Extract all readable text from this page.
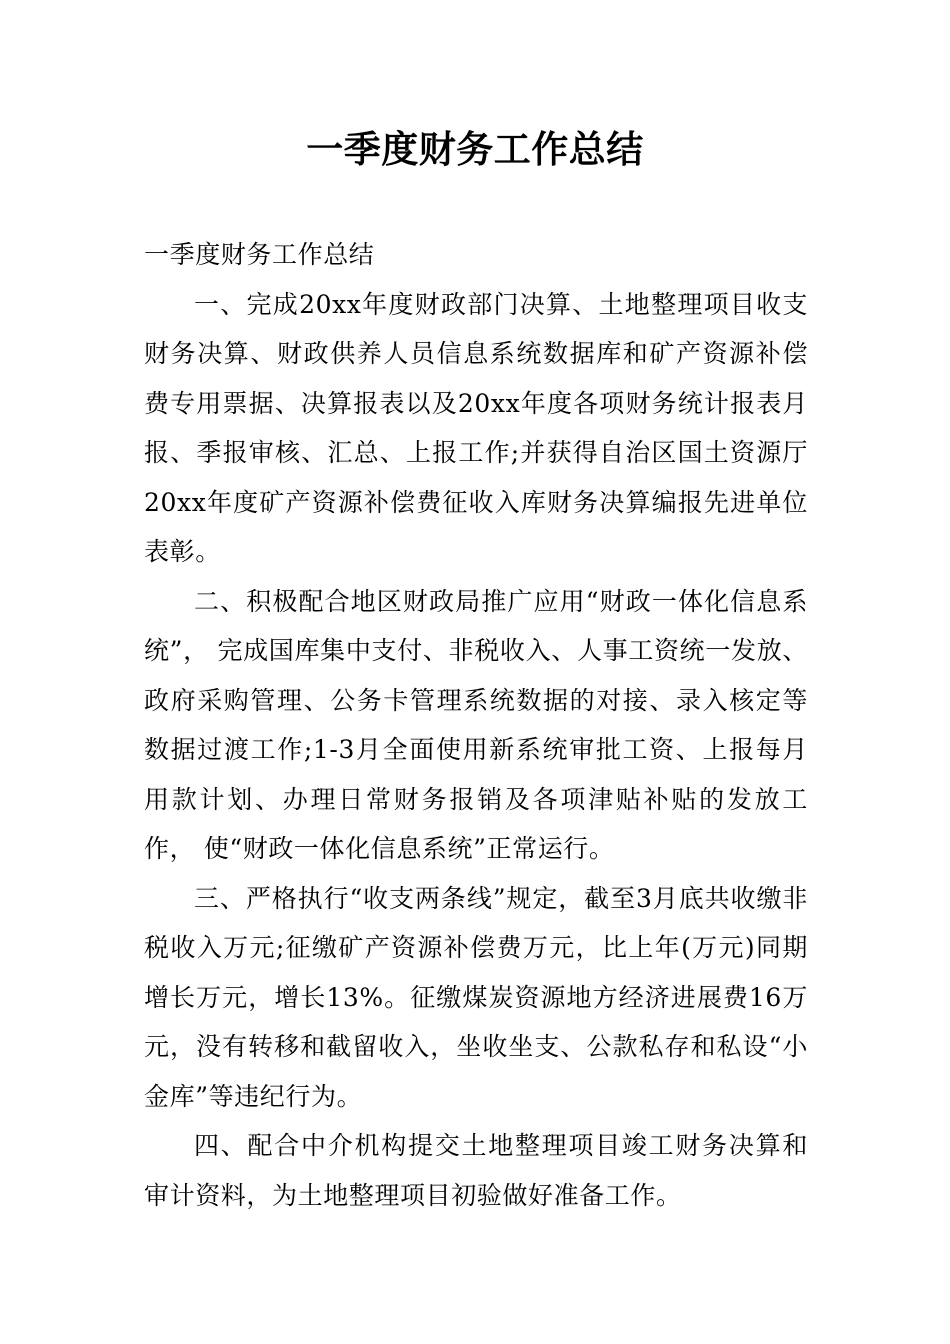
一季度财务工作总结

一季度财务工作总结

一、完成20xx年度财政部门决算、土地整理项目收支财务决算、财政供养人员信息系统数据库和矿产资源补偿费专用票据、决算报表以及20xx年度各项财务统计报表月报、季报审核、汇总、上报工作;并获得自治区国土资源厅20xx年度矿产资源补偿费征收入库财务决算编报先进单位表彰。

二、积极配合地区财政局推广应用“财政一体化信息系统”， 完成国库集中支付、非税收入、人事工资统一发放、政府采购管理、公务卡管理系统数据的对接、录入核定等数据过渡工作;1-3月全面使用新系统审批工资、上报每月用款计划、办理日常财务报销及各项津贴补贴的发放工作， 使“财政一体化信息系统”正常运行。

三、严格执行“收支两条线”规定，截至3月底共收缴非税收入万元;征缴矿产资源补偿费万元，比上年(万元)同期增长万元，增长13%。征缴煤炭资源地方经济进展费16万元，没有转移和截留收入，坐收坐支、公款私存和私设“小金库”等违纪行为。

四、配合中介机构提交土地整理项目竣工财务决算和审计资料，为土地整理项目初验做好准备工作。
